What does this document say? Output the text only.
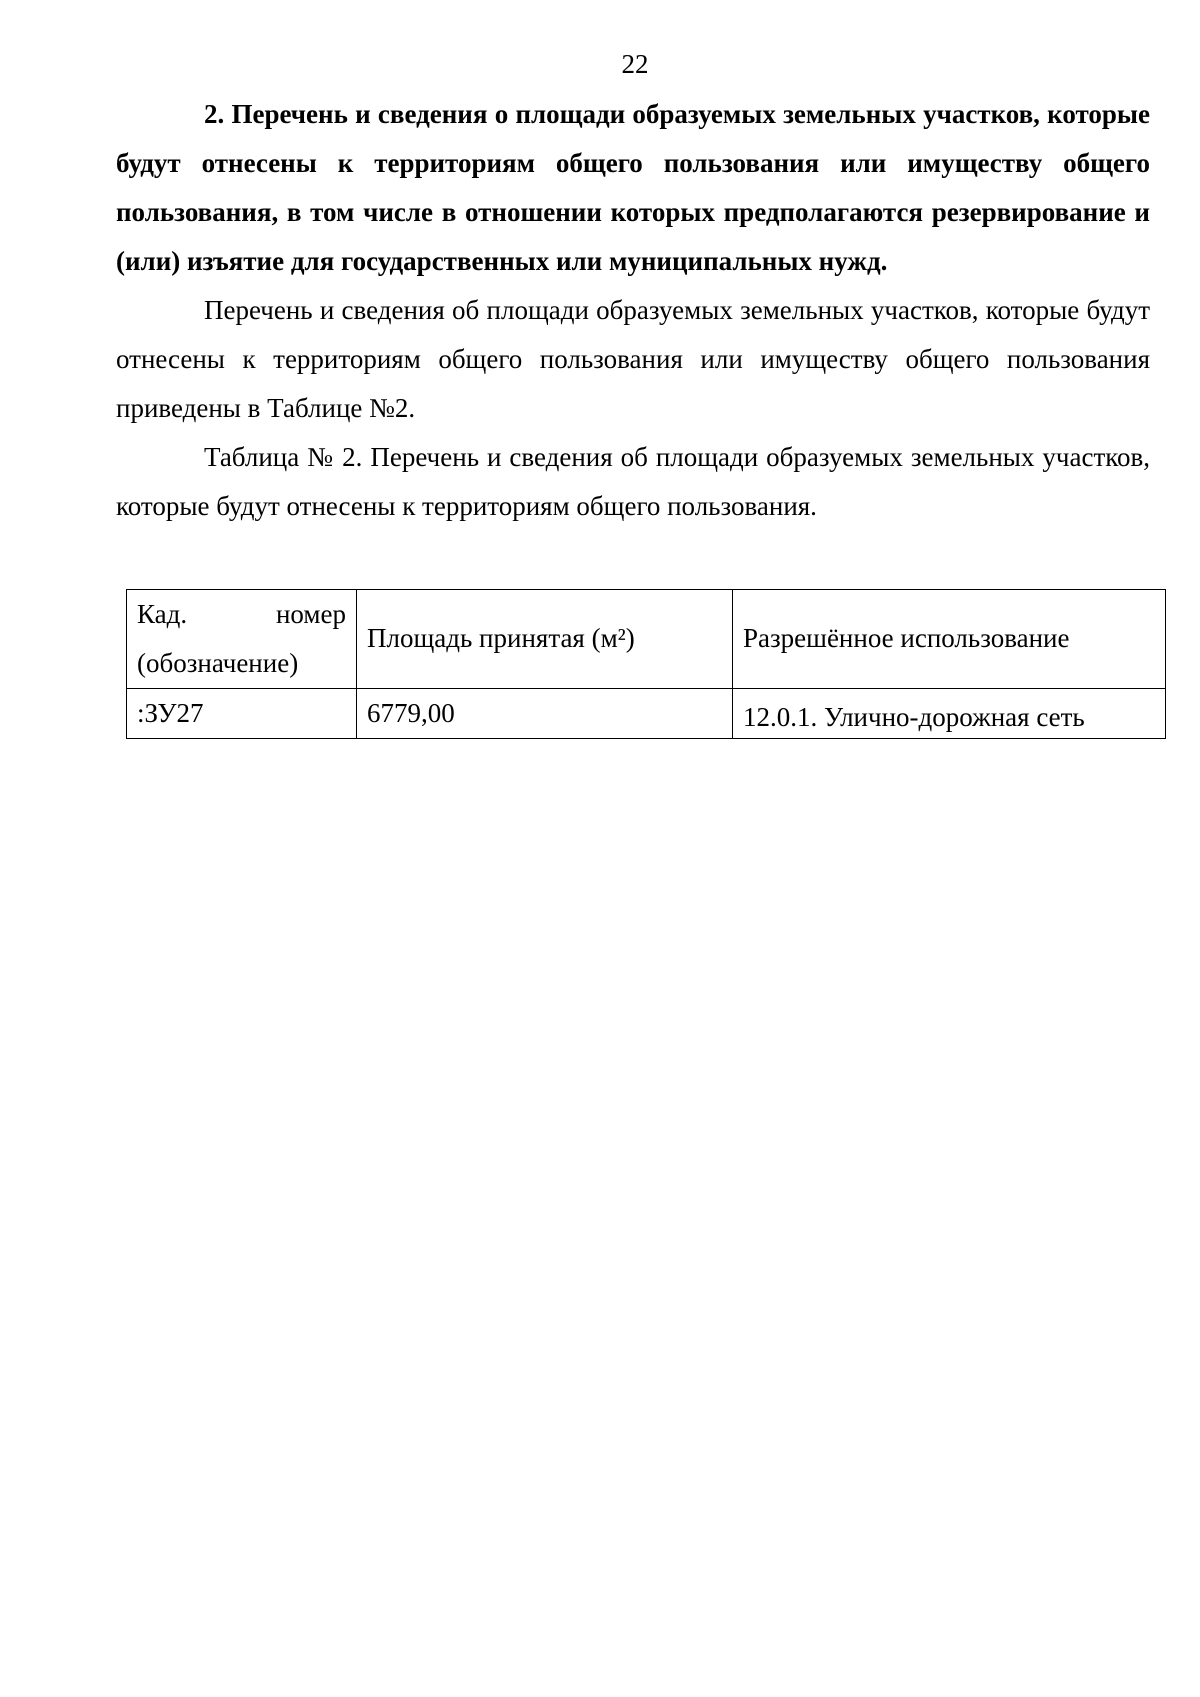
22

2. Перечень и сведения о площади образуемых земельных участков, которые будут отнесены к территориям общего пользования или имуществу общего пользования, в том числе в отношении которых предполагаются резервирование и (или) изъятие для государственных или муниципальных нужд.

Перечень и сведения об площади образуемых земельных участков, которые будут отнесены к территориям общего пользования или имуществу общего пользования приведены в Таблице №2.

Таблица № 2. Перечень и сведения об площади образуемых земельных участков, которые будут отнесены к территориям общего пользования.

Кад. номер
(обозначение)	Площадь принятая (м²)	Разрешённое использование

:ЗУ27	6779,00	12.0.1. Улично-дорожная сеть
